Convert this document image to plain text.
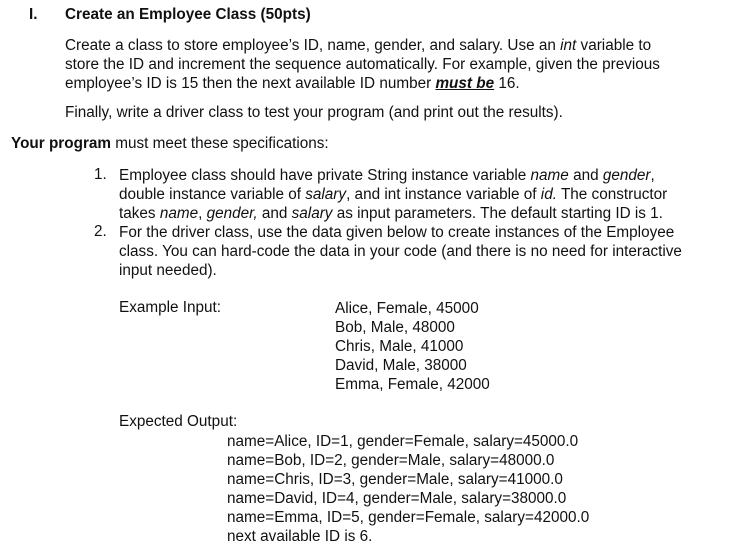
I. Create an Employee Class (50pts)
Create a class to store employee’s ID, name, gender, and salary. Use an int variable to
store the ID and increment the sequence automatically. For example, given the previous
employee’s ID is 15 then the next available ID number must be 16.
Finally, write a driver class to test your program (and print out the results).
Your program must meet these specifications:
1. Employee class should have private String instance variable name and gender,
double instance variable of salary, and int instance variable of id. The constructor
takes name, gender, and salary as input parameters. The default starting ID is 1.
2. For the driver class, use the data given below to create instances of the Employee
class. You can hard-code the data in your code (and there is no need for interactive
input needed).
Example Input:	Alice, Female, 45000
Bob, Male, 48000
Chris, Male, 41000
David, Male, 38000
Emma, Female, 42000
Expected Output:
name=Alice, ID=1, gender=Female, salary=45000.0
name=Bob, ID=2, gender=Male, salary=48000.0
name=Chris, ID=3, gender=Male, salary=41000.0
name=David, ID=4, gender=Male, salary=38000.0
name=Emma, ID=5, gender=Female, salary=42000.0
next available ID is 6.
